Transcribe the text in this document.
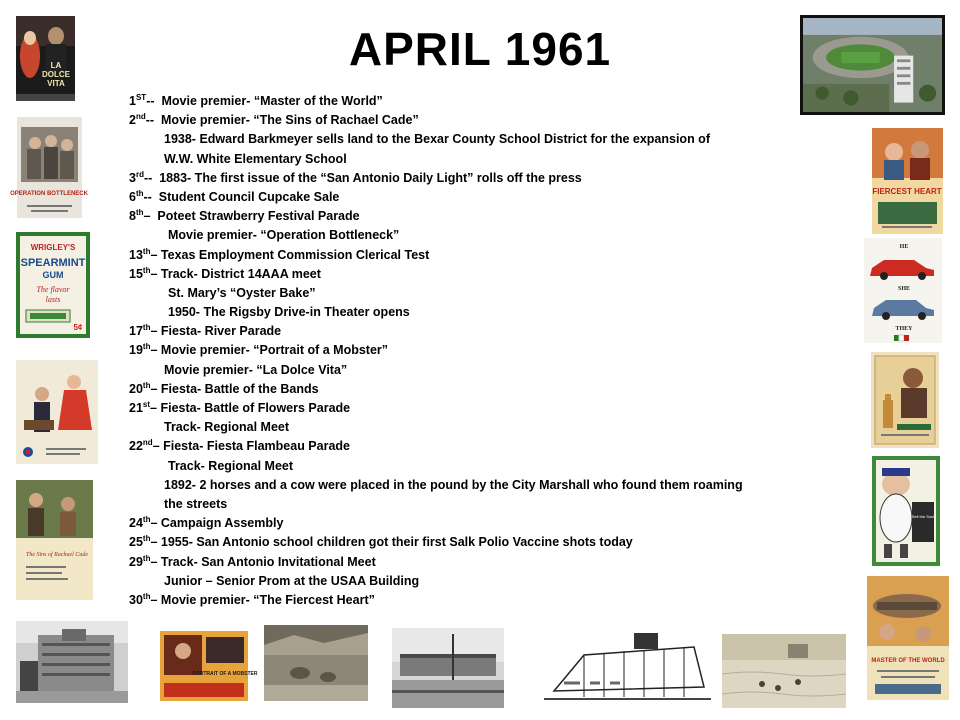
APRIL 1961
1ST--  Movie premier- “Master of the World”
2nd--  Movie premier- “The Sins of Rachael Cade”
1938- Edward Barkmeyer sells land to the Bexar County School District for the expansion of
W.W. White Elementary School
3rd--  1883- The first issue of the “San Antonio Daily Light” rolls off the press
6th--  Student Council Cupcake Sale
8th–  Poteet Strawberry Festival Parade
Movie premier- “Operation Bottleneck”
13th– Texas Employment Commission Clerical Test
15th– Track- District 14AAA meet
St. Mary’s “Oyster Bake”
1950- The Rigsby Drive-in Theater opens
17th– Fiesta- River Parade
19th– Movie premier- “Portrait of a Mobster”
Movie premier- “La Dolce Vita”
20th– Fiesta- Battle of the Bands
21st– Fiesta- Battle of Flowers Parade
Track- Regional Meet
22nd– Fiesta- Fiesta Flambeau Parade
Track- Regional Meet
1892- 2 horses and a cow were placed in the pound by the City Marshall who found them roaming
the streets
24th– Campaign Assembly
25th– 1955- San Antonio school children got their first Salk Polio Vaccine shots today
29th– Track- San Antonio Invitational Meet
Junior – Senior Prom at the USAA Building
30th– Movie premier- “The Fiercest Heart”
LA
DOLCE
VITA
OPERATION BOTTLENECK	FIERCEST HEART
WRIGLEY'S
SPEARMINT
GUM
The flavor
lasts
5¢
HE
SHE
THEY
The Sins of Rachael Cade
Sell the Soul
MASTER OF THE WORLD
PORTRAIT OF A MOBSTER
